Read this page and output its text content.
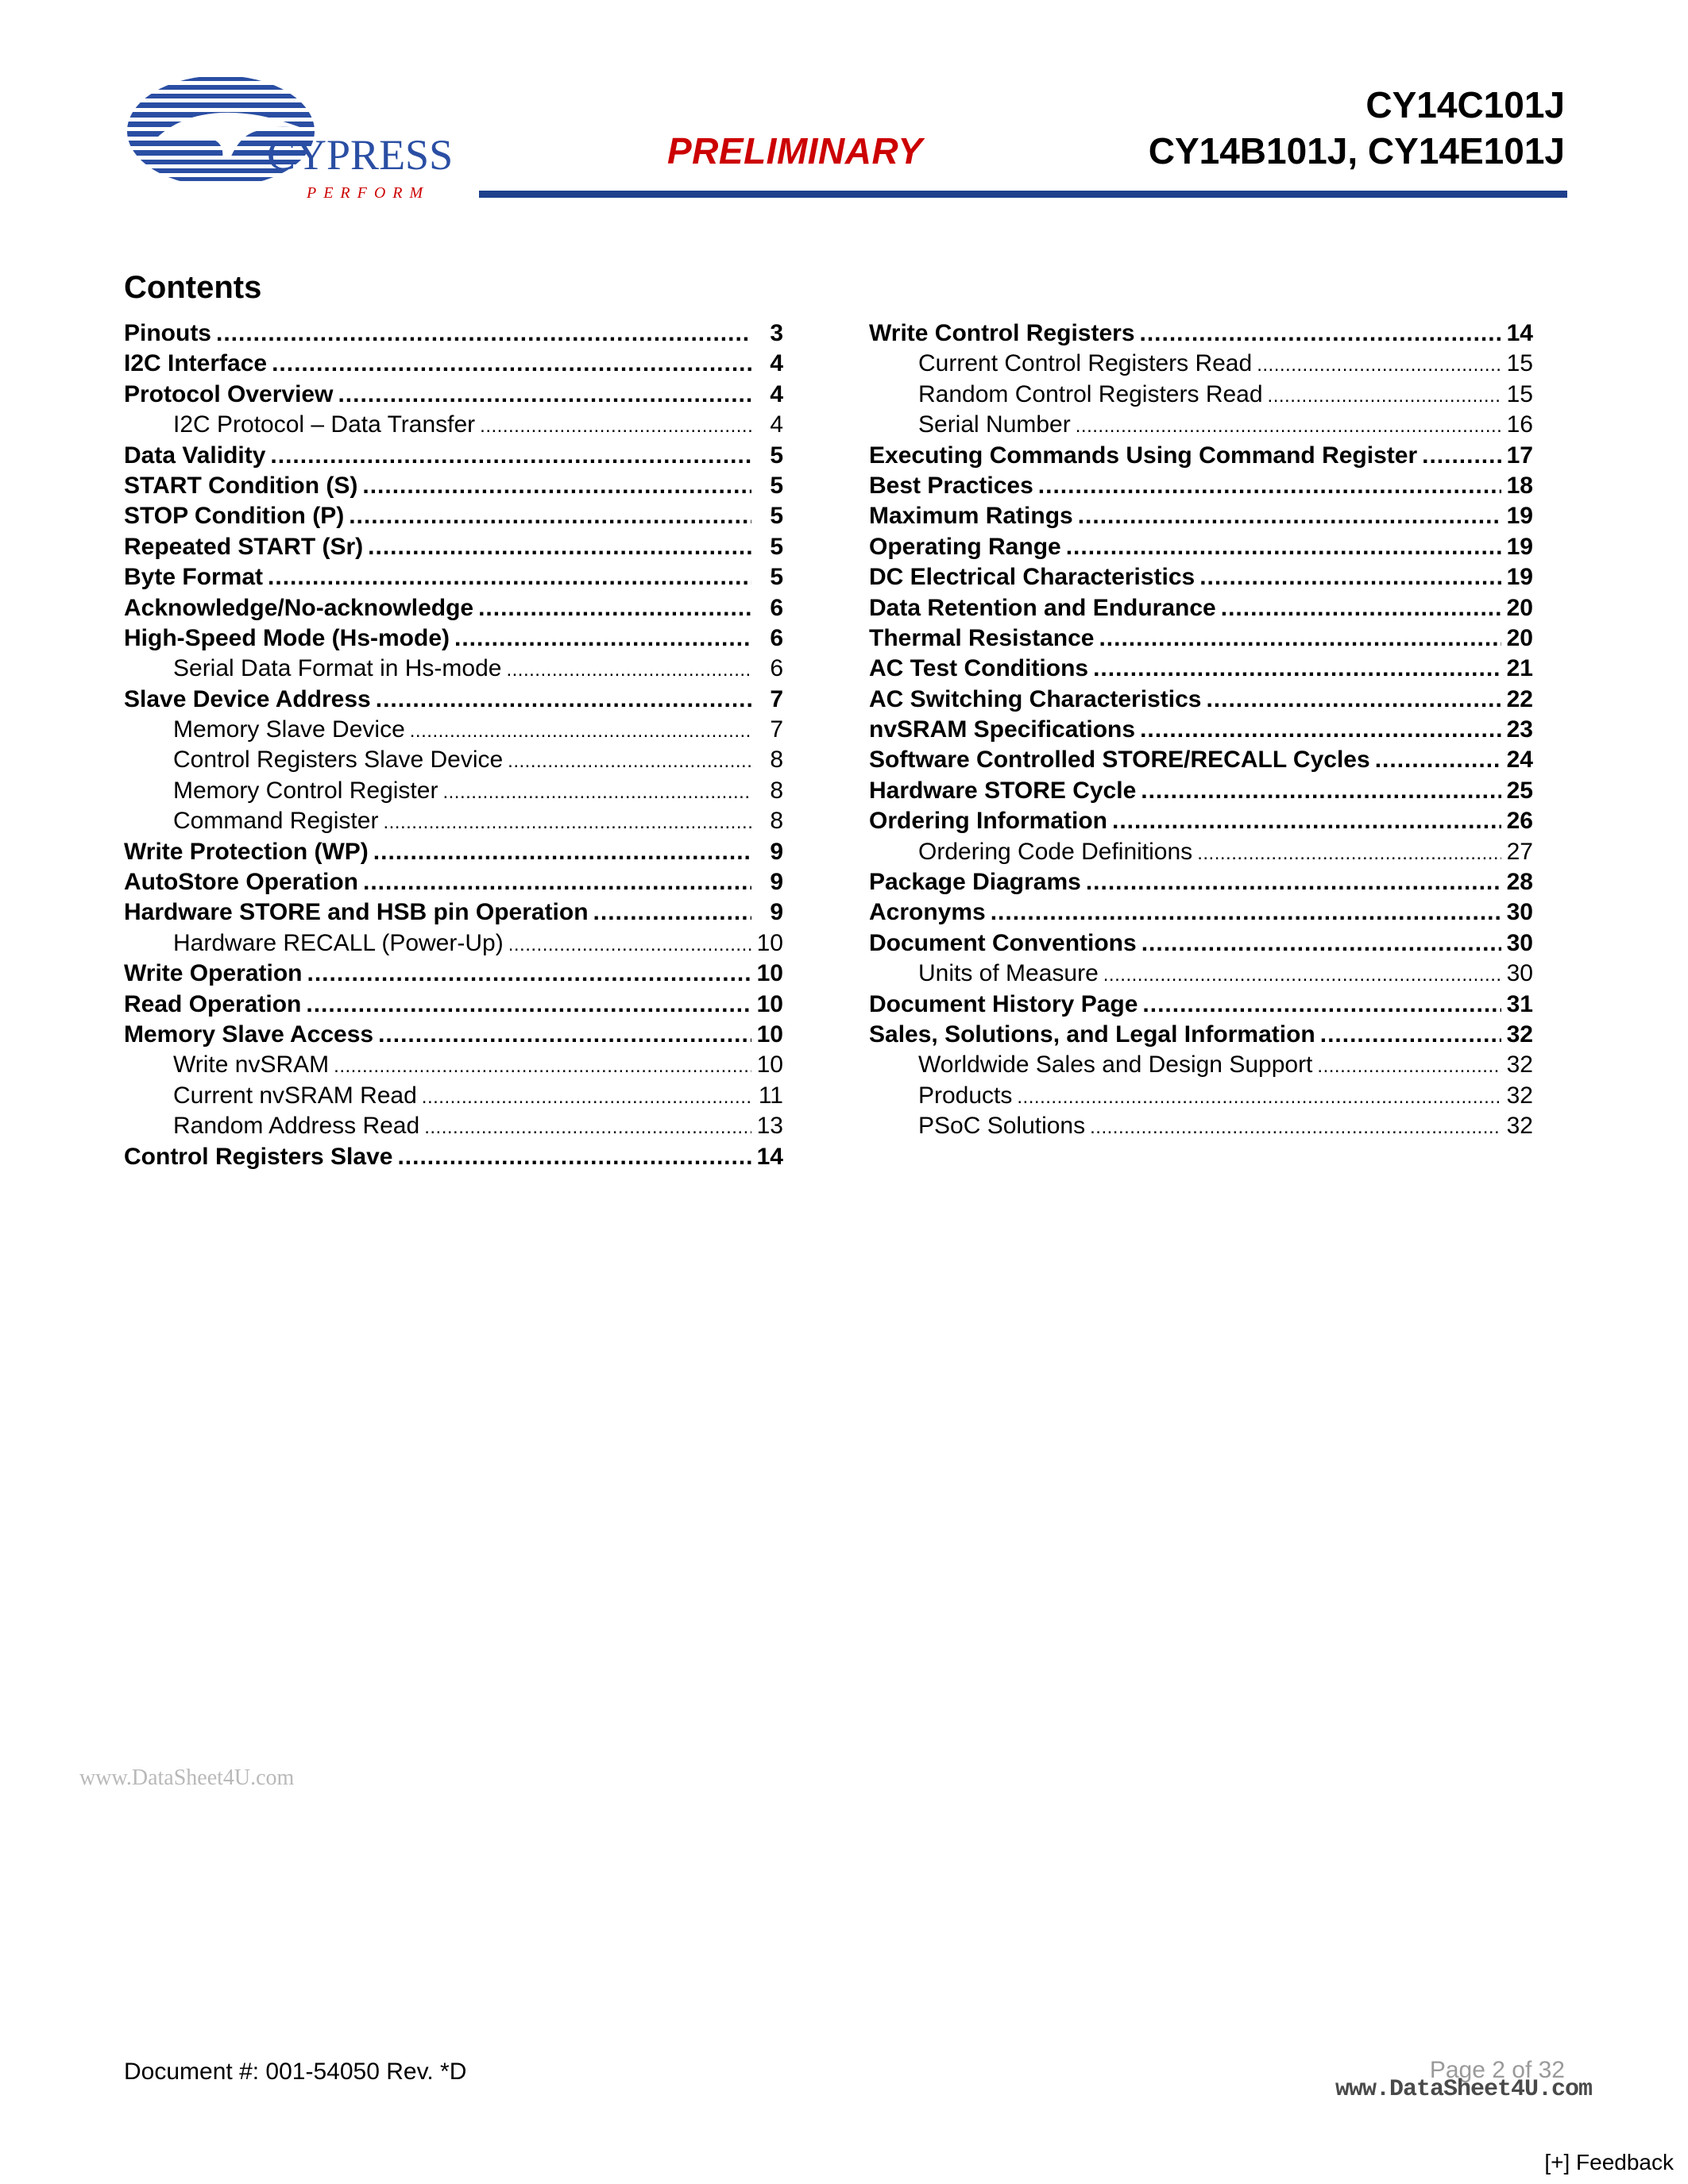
CYPRESS
PERFORM
PRELIMINARY
CY14C101J
CY14B101J, CY14E101J
Contents
Pinouts .....	3
I2C Interface .....	4
Protocol Overview .....	4
I2C Protocol – Data Transfer .....	4
Data Validity .....	5
START Condition (S) .....	5
STOP Condition (P) .....	5
Repeated START (Sr) .....	5
Byte Format .....	5
Acknowledge/No-acknowledge .....	6
High-Speed Mode (Hs-mode) .....	6
Serial Data Format in Hs-mode .....	6
Slave Device Address .....	7
Memory Slave Device .....	7
Control Registers Slave Device .....	8
Memory Control Register .....	8
Command Register .....	8
Write Protection (WP) .....	9
AutoStore Operation .....	9
Hardware STORE and HSB pin Operation .....	9
Hardware RECALL (Power-Up) .....	10
Write Operation .....	10
Read Operation .....	10
Memory Slave Access .....	10
Write nvSRAM .....	10
Current nvSRAM Read .....	11
Random Address Read .....	13
Control Registers Slave .....	14
Write Control Registers .....	14
Current Control Registers Read .....	15
Random Control Registers Read .....	15
Serial Number .....	16
Executing Commands Using Command Register .....	17
Best Practices .....	18
Maximum Ratings .....	19
Operating Range .....	19
DC Electrical Characteristics .....	19
Data Retention and Endurance .....	20
Thermal Resistance .....	20
AC Test Conditions .....	21
AC Switching Characteristics .....	22
nvSRAM Specifications .....	23
Software Controlled STORE/RECALL Cycles .....	24
Hardware STORE Cycle .....	25
Ordering Information .....	26
Ordering Code Definitions .....	27
Package Diagrams .....	28
Acronyms .....	30
Document Conventions .....	30
Units of Measure .....	30
Document History Page .....	31
Sales, Solutions, and Legal Information .....	32
Worldwide Sales and Design Support .....	32
Products .....	32
PSoC Solutions .....	32
www.DataSheet4U.com
Document #: 001-54050 Rev. *D	Page 2 of 32
www.DataSheet4U.com
[+] Feedback
